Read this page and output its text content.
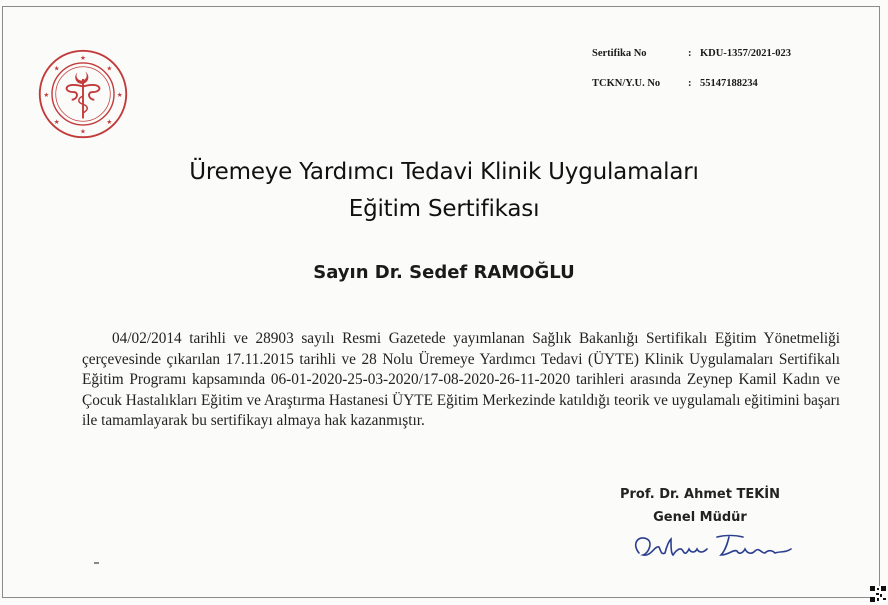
★
★
★	★
★	★
★	★
Sertifika No	: KDU-1357/2021-023
TCKN/Y.U. No	: 55147188234
Üremeye Yardımcı Tedavi Klinik Uygulamaları
Eğitim Sertifikası
Sayın Dr. Sedef RAMOĞLU
04/02/2014 tarihli ve 28903 sayılı Resmi Gazetede yayımlanan Sağlık Bakanlığı Sertifikalı Eğitim Yönetmeliği çerçevesinde çıkarılan 17.11.2015 tarihli ve 28 Nolu Üremeye Yardımcı Tedavi (ÜYTE) Klinik Uygulamaları Sertifikalı Eğitim Programı kapsamında 06-01-2020-25-03-2020/17-08-2020-26-11-2020 tarihleri arasında Zeynep Kamil Kadın ve Çocuk Hastalıkları Eğitim ve Araştırma Hastanesi ÜYTE Eğitim Merkezinde katıldığı teorik ve uygulamalı eğitimini başarı ile tamamlayarak bu sertifikayı almaya hak kazanmıştır.
Prof. Dr. Ahmet TEKİN
Genel Müdür
